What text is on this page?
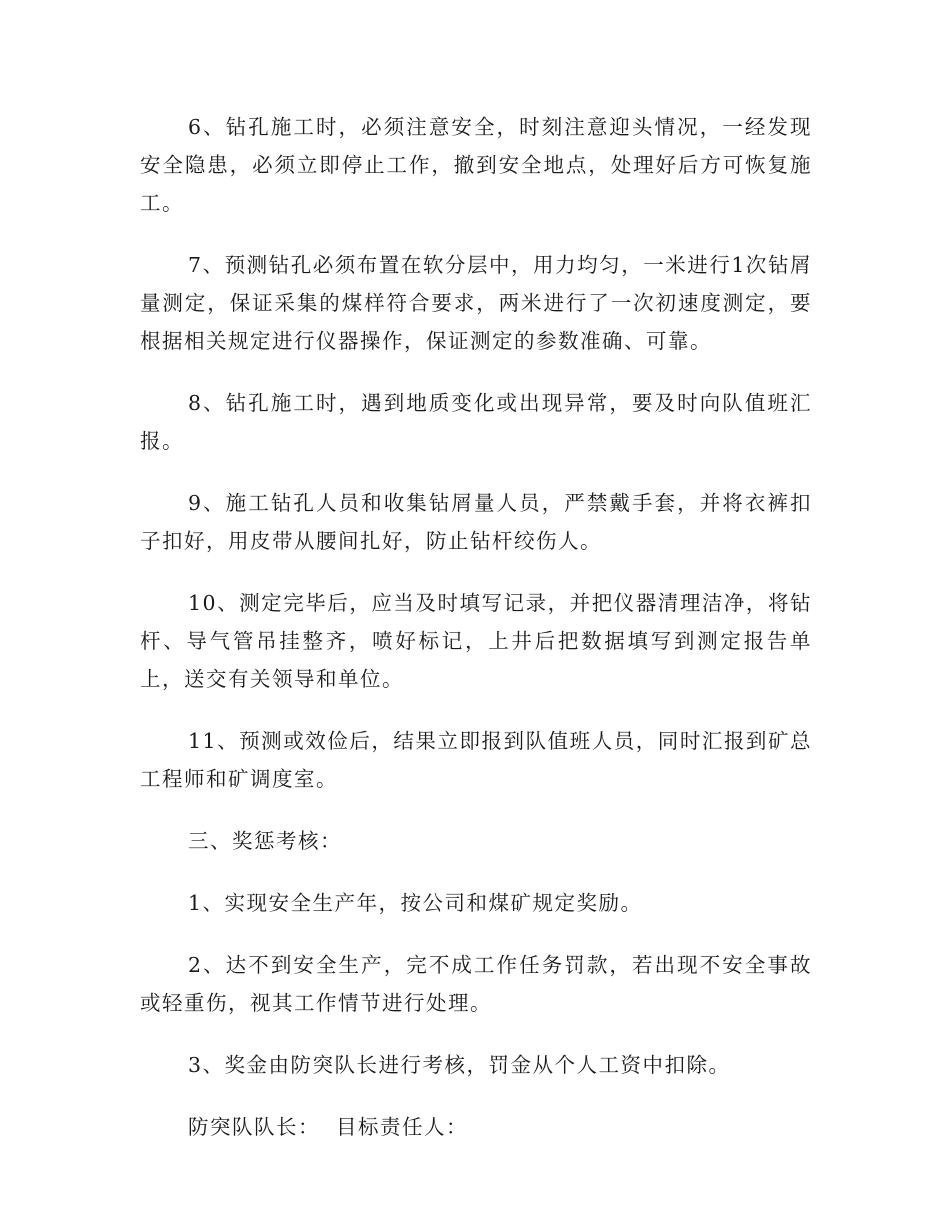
6、钻孔施工时，必须注意安全，时刻注意迎头情况，一经发现安全隐患，必须立即停止工作，撤到安全地点，处理好后方可恢复施工。

7、预测钻孔必须布置在软分层中，用力均匀，一米进行1次钻屑量测定，保证采集的煤样符合要求，两米进行了一次初速度测定，要根据相关规定进行仪器操作，保证测定的参数准确、可靠。

8、钻孔施工时，遇到地质变化或出现异常，要及时向队值班汇报。

9、施工钻孔人员和收集钻屑量人员，严禁戴手套，并将衣裤扣子扣好，用皮带从腰间扎好，防止钻杆绞伤人。

10、测定完毕后，应当及时填写记录，并把仪器清理洁净，将钻杆、导气管吊挂整齐，喷好标记，上井后把数据填写到测定报告单上，送交有关领导和单位。

11、预测或效俭后，结果立即报到队值班人员，同时汇报到矿总工程师和矿调度室。

三、奖惩考核：

1、实现安全生产年，按公司和煤矿规定奖励。

2、达不到安全生产，完不成工作任务罚款，若出现不安全事故或轻重伤，视其工作情节进行处理。

3、奖金由防突队长进行考核，罚金从个人工资中扣除。

防突队队长：  目标责任人：
